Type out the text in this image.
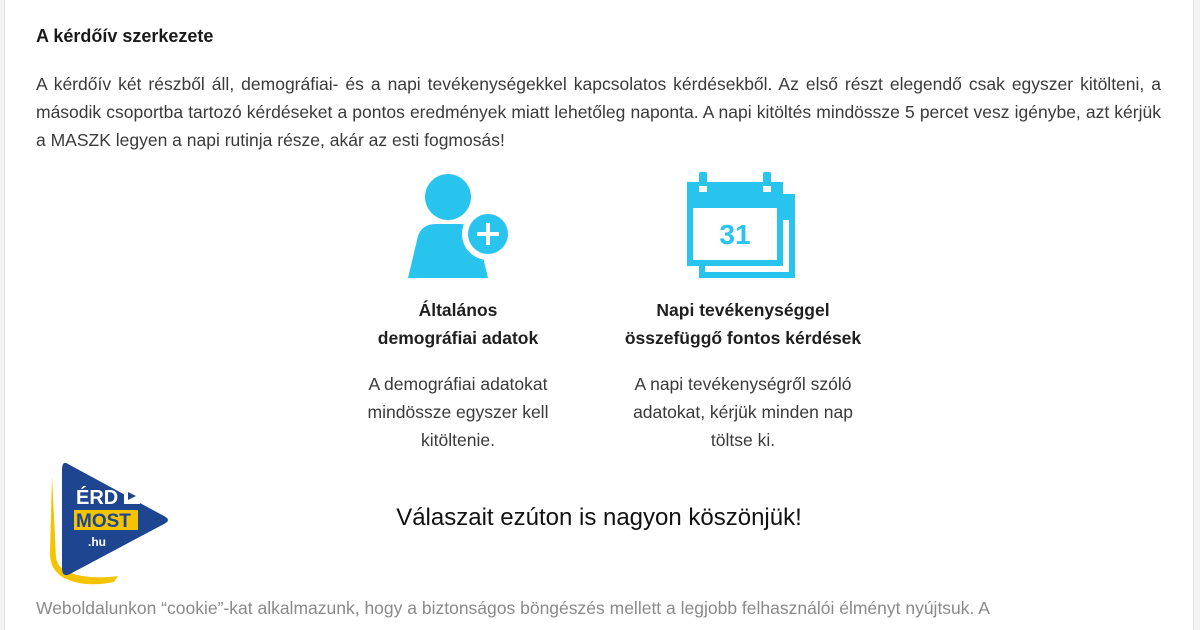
A kérdőív szerkezete
A kérdőív két részből áll, demográfiai- és a napi tevékenységekkel kapcsolatos kérdésekből. Az első részt elegendő csak egyszer kitölteni, a második csoportba tartozó kérdéseket a pontos eredmények miatt lehetőleg naponta. A napi kitöltés mindössze 5 percet vesz igénybe, azt kérjük a MASZK legyen a napi rutinja része, akár az esti fogmosás!
Általános
demográfiai adatok
A demográfiai adatokat
mindössze egyszer kell
kitöltenie.
31
Napi tevékenységgel
összefüggő fontos kérdések
A napi tevékenységről szóló
adatokat, kérjük minden nap
töltse ki.
Válaszait ezúton is nagyon köszönjük!
Weboldalunkon “cookie”-kat alkalmazunk, hogy a biztonságos böngészés mellett a legjobb felhasználói élményt nyújtsuk. A
ÉRD
MOST
.hu
